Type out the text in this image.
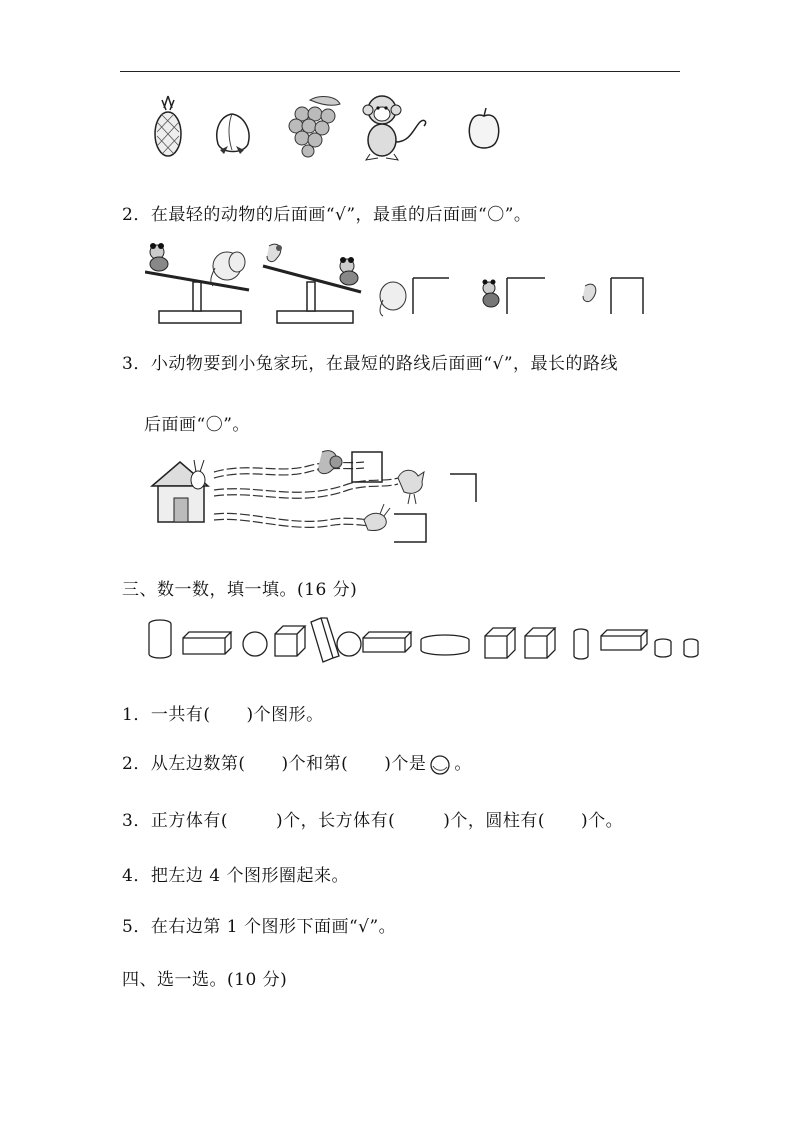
2．在最轻的动物的后面画“√”，最重的后面画“〇”。
3．小动物要到小兔家玩，在最短的路线后面画“√”，最长的路线
后面画“〇”。
三、数一数，填一填。(16 分)
1．一共有( )个图形。
2．从左边数第( )个和第( )个是 。
3．正方体有(	)个，长方体有(	)个，圆柱有( )个。
4．把左边 4 个图形圈起来。
5．在右边第 1 个图形下面画“√”。
四、选一选。(10 分)
